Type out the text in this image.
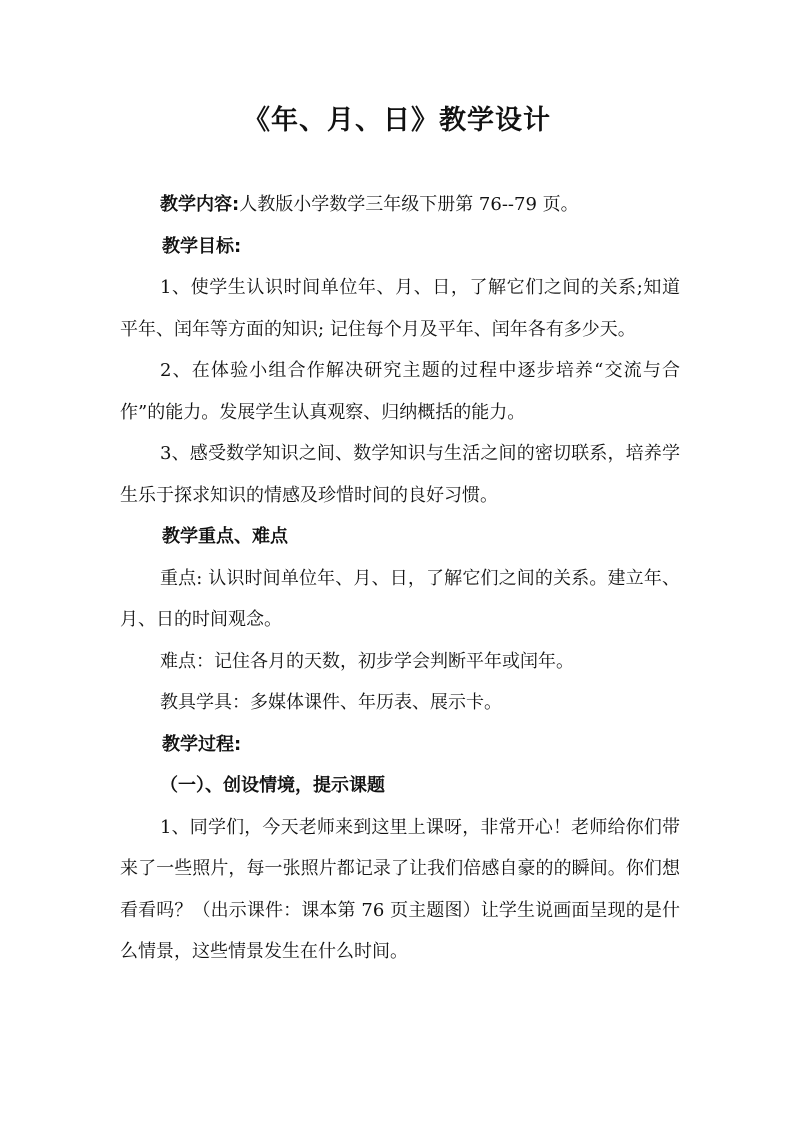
《年、月、日》教学设计

教学内容:人教版小学数学三年级下册第 76--79 页。

教学目标:

1、使学生认识时间单位年、月、日，了解它们之间的关系;知道平年、闰年等方面的知识; 记住每个月及平年、闰年各有多少天。

2、在体验小组合作解决研究主题的过程中逐步培养“交流与合作”的能力。发展学生认真观察、归纳概括的能力。

3、感受数学知识之间、数学知识与生活之间的密切联系，培养学生乐于探求知识的情感及珍惜时间的良好习惯。

教学重点、难点

重点: 认识时间单位年、月、日，了解它们之间的关系。建立年、月、日的时间观念。

难点：记住各月的天数，初步学会判断平年或闰年。

教具学具：多媒体课件、年历表、展示卡。

教学过程:

（一）、创设情境，提示课题

1、同学们，今天老师来到这里上课呀，非常开心！老师给你们带来了一些照片，每一张照片都记录了让我们倍感自豪的的瞬间。你们想看看吗？（出示课件：课本第 76 页主题图）让学生说画面呈现的是什么情景，这些情景发生在什么时间。
